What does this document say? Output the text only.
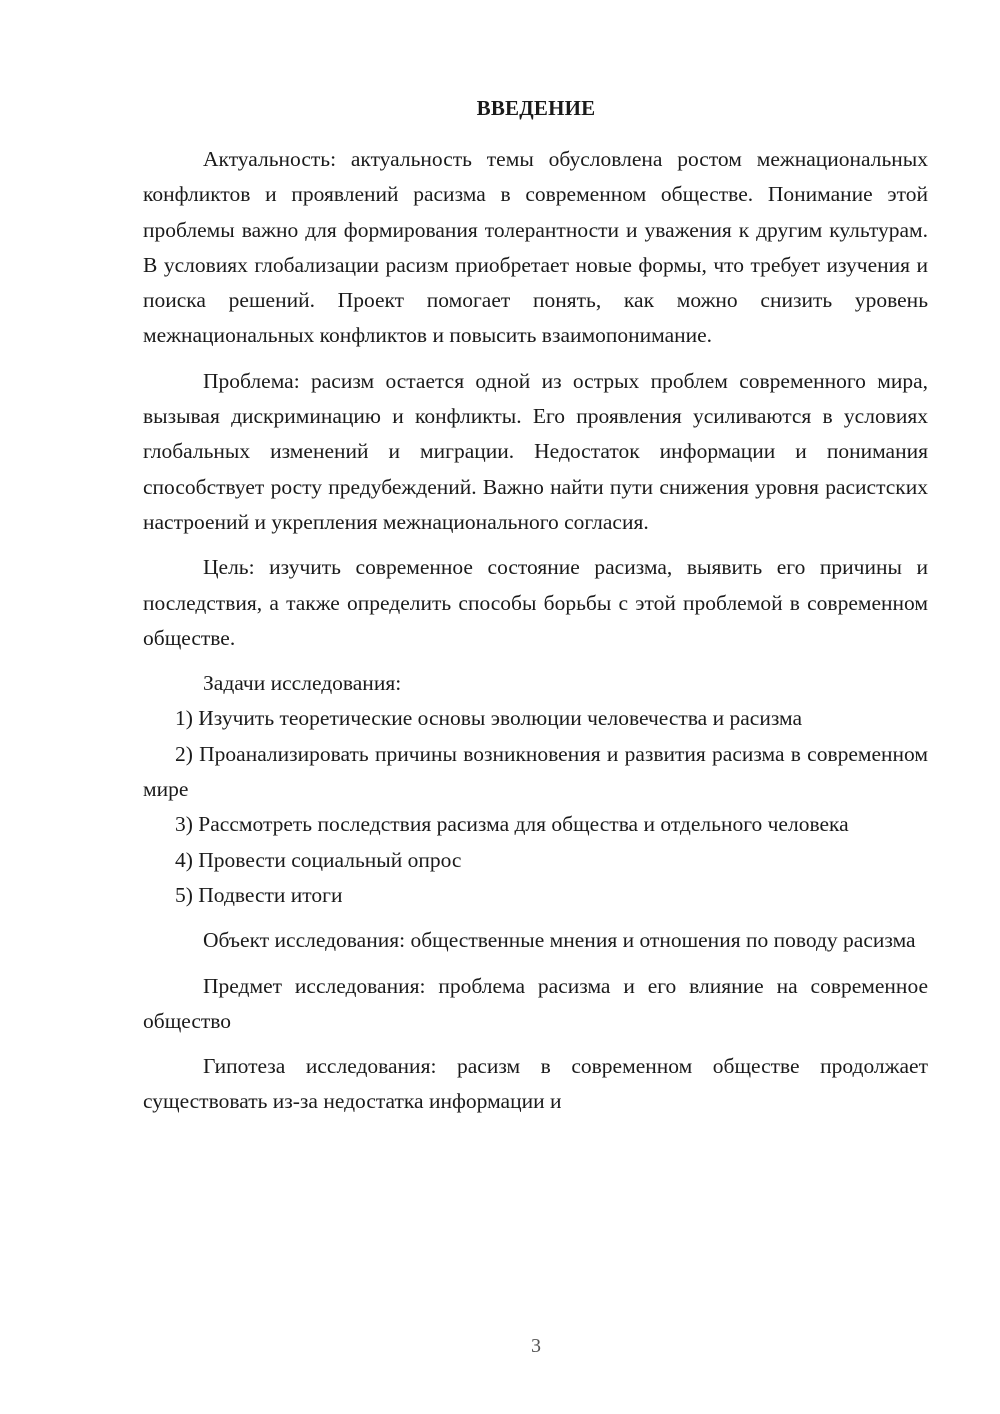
ВВЕДЕНИЕ

Актуальность: актуальность темы обусловлена ростом межнациональных конфликтов и проявлений расизма в современном обществе. Понимание этой проблемы важно для формирования толерантности и уважения к другим культурам. В условиях глобализации расизм приобретает новые формы, что требует изучения и поиска решений. Проект помогает понять, как можно снизить уровень межнациональных конфликтов и повысить взаимопонимание.

Проблема: расизм остается одной из острых проблем современного мира, вызывая дискриминацию и конфликты. Его проявления усиливаются в условиях глобальных изменений и миграции. Недостаток информации и понимания способствует росту предубеждений. Важно найти пути снижения уровня расистских настроений и укрепления межнационального согласия.

Цель: изучить современное состояние расизма, выявить его причины и последствия, а также определить способы борьбы с этой проблемой в современном обществе.

Задачи исследования:

1) Изучить теоретические основы эволюции человечества и расизма

2) Проанализировать причины возникновения и развития расизма в современном мире

3) Рассмотреть последствия расизма для общества и отдельного человека

4) Провести социальный опрос

5) Подвести итоги

Объект исследования: общественные мнения и отношения по поводу расизма

Предмет исследования: проблема расизма и его влияние на современное общество

Гипотеза исследования: расизм в современном обществе продолжает существовать из-за недостатка информации и

3
